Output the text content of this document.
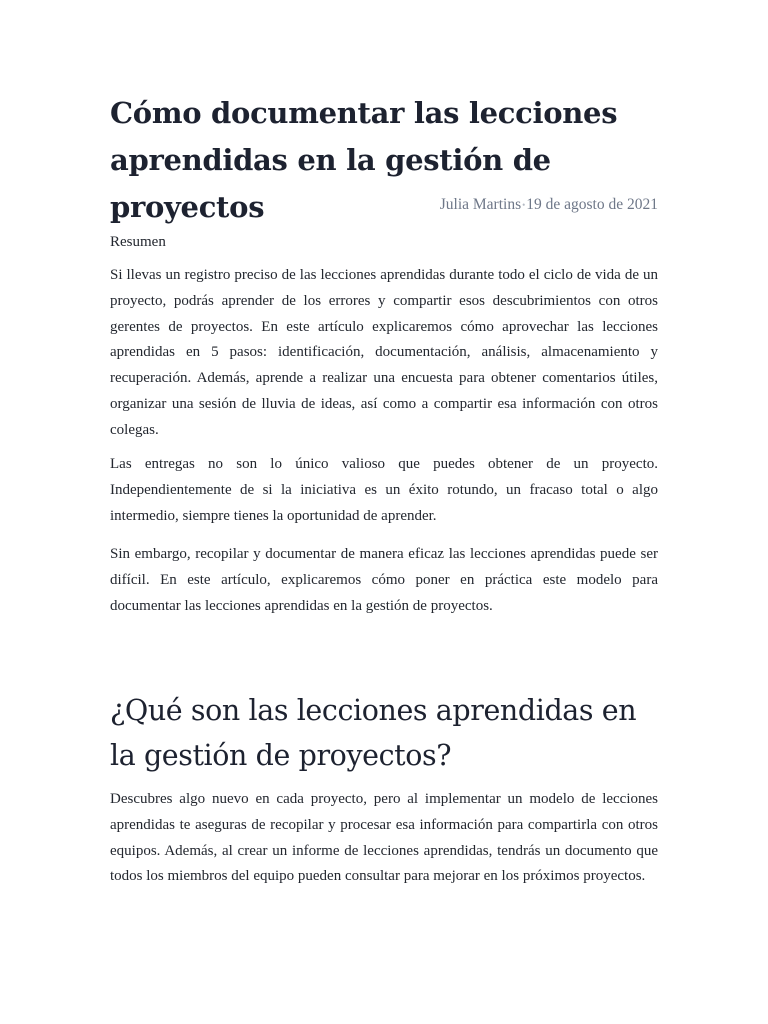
Cómo documentar las lecciones aprendidas en la gestión de proyectos	Julia Martins•19 de agosto de 2021
Resumen

Si llevas un registro preciso de las lecciones aprendidas durante todo el ciclo de vida de un proyecto, podrás aprender de los errores y compartir esos descubrimientos con otros gerentes de proyectos. En este artículo explicaremos cómo aprovechar las lecciones aprendidas en 5 pasos: identificación, documentación, análisis, almacenamiento y recuperación. Además, aprende a realizar una encuesta para obtener comentarios útiles, organizar una sesión de lluvia de ideas, así como a compartir esa información con otros colegas.

Las entregas no son lo único valioso que puedes obtener de un proyecto. Independientemente de si la iniciativa es un éxito rotundo, un fracaso total o algo intermedio, siempre tienes la oportunidad de aprender.

Sin embargo, recopilar y documentar de manera eficaz las lecciones aprendidas puede ser difícil. En este artículo, explicaremos cómo poner en práctica este modelo para documentar las lecciones aprendidas en la gestión de proyectos.

¿Qué son las lecciones aprendidas en la gestión de proyectos?

Descubres algo nuevo en cada proyecto, pero al implementar un modelo de lecciones aprendidas te aseguras de recopilar y procesar esa información para compartirla con otros equipos. Además, al crear un informe de lecciones aprendidas, tendrás un documento que todos los miembros del equipo pueden consultar para mejorar en los próximos proyectos.
